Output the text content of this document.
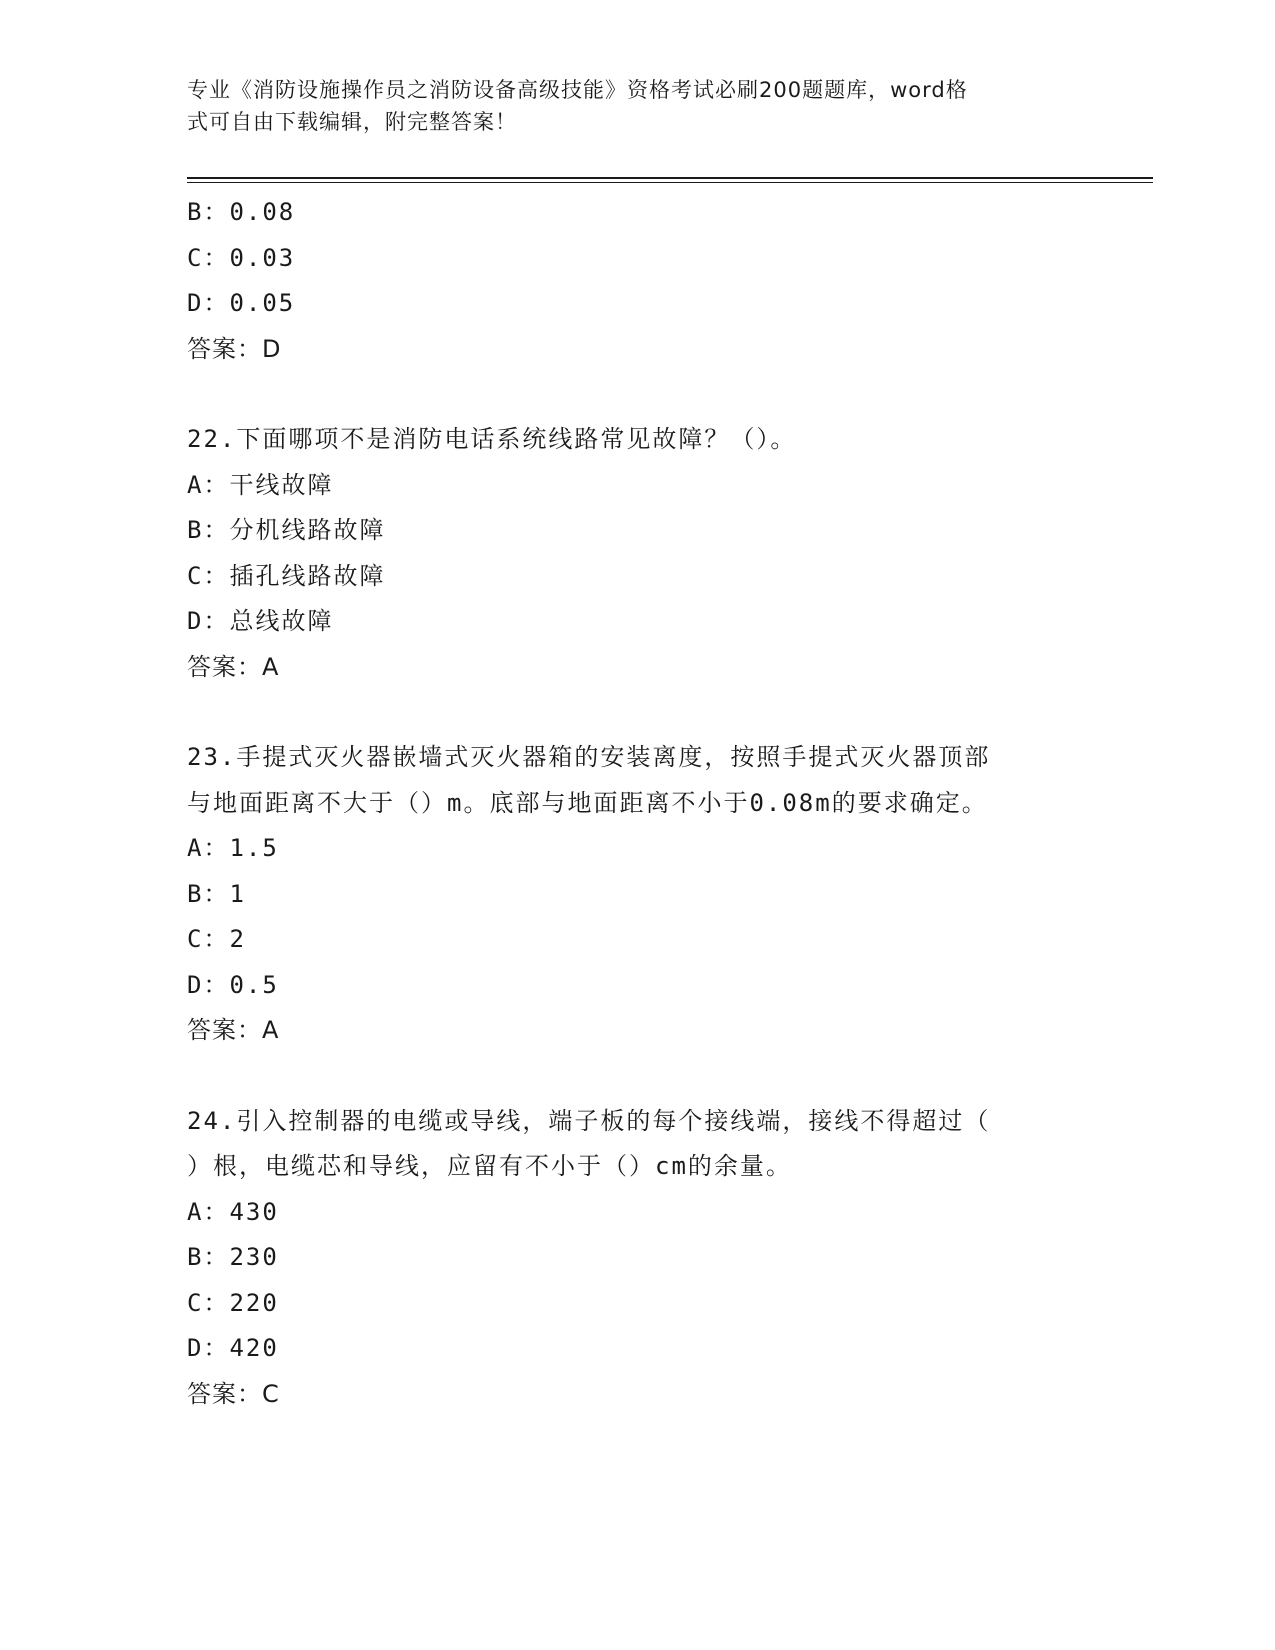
专业《消防设施操作员之消防设备高级技能》资格考试必刷200题题库，word格
式可自由下载编辑，附完整答案！
B：0.08
C：0.03
D：0.05
答案：D
22.下面哪项不是消防电话系统线路常见故障？（）。
A：干线故障
B：分机线路故障
C：插孔线路故障
D：总线故障
答案：A
23.手提式灭火器嵌墙式灭火器箱的安装离度，按照手提式灭火器顶部
与地面距离不大于（）m。底部与地面距离不小于0.08m的要求确定。
A：1.5
B：1
C：2
D：0.5
答案：A
24.引入控制器的电缆或导线，端子板的每个接线端，接线不得超过（
）根，电缆芯和导线，应留有不小于（）cm的余量。
A：430
B：230
C：220
D：420
答案：C
